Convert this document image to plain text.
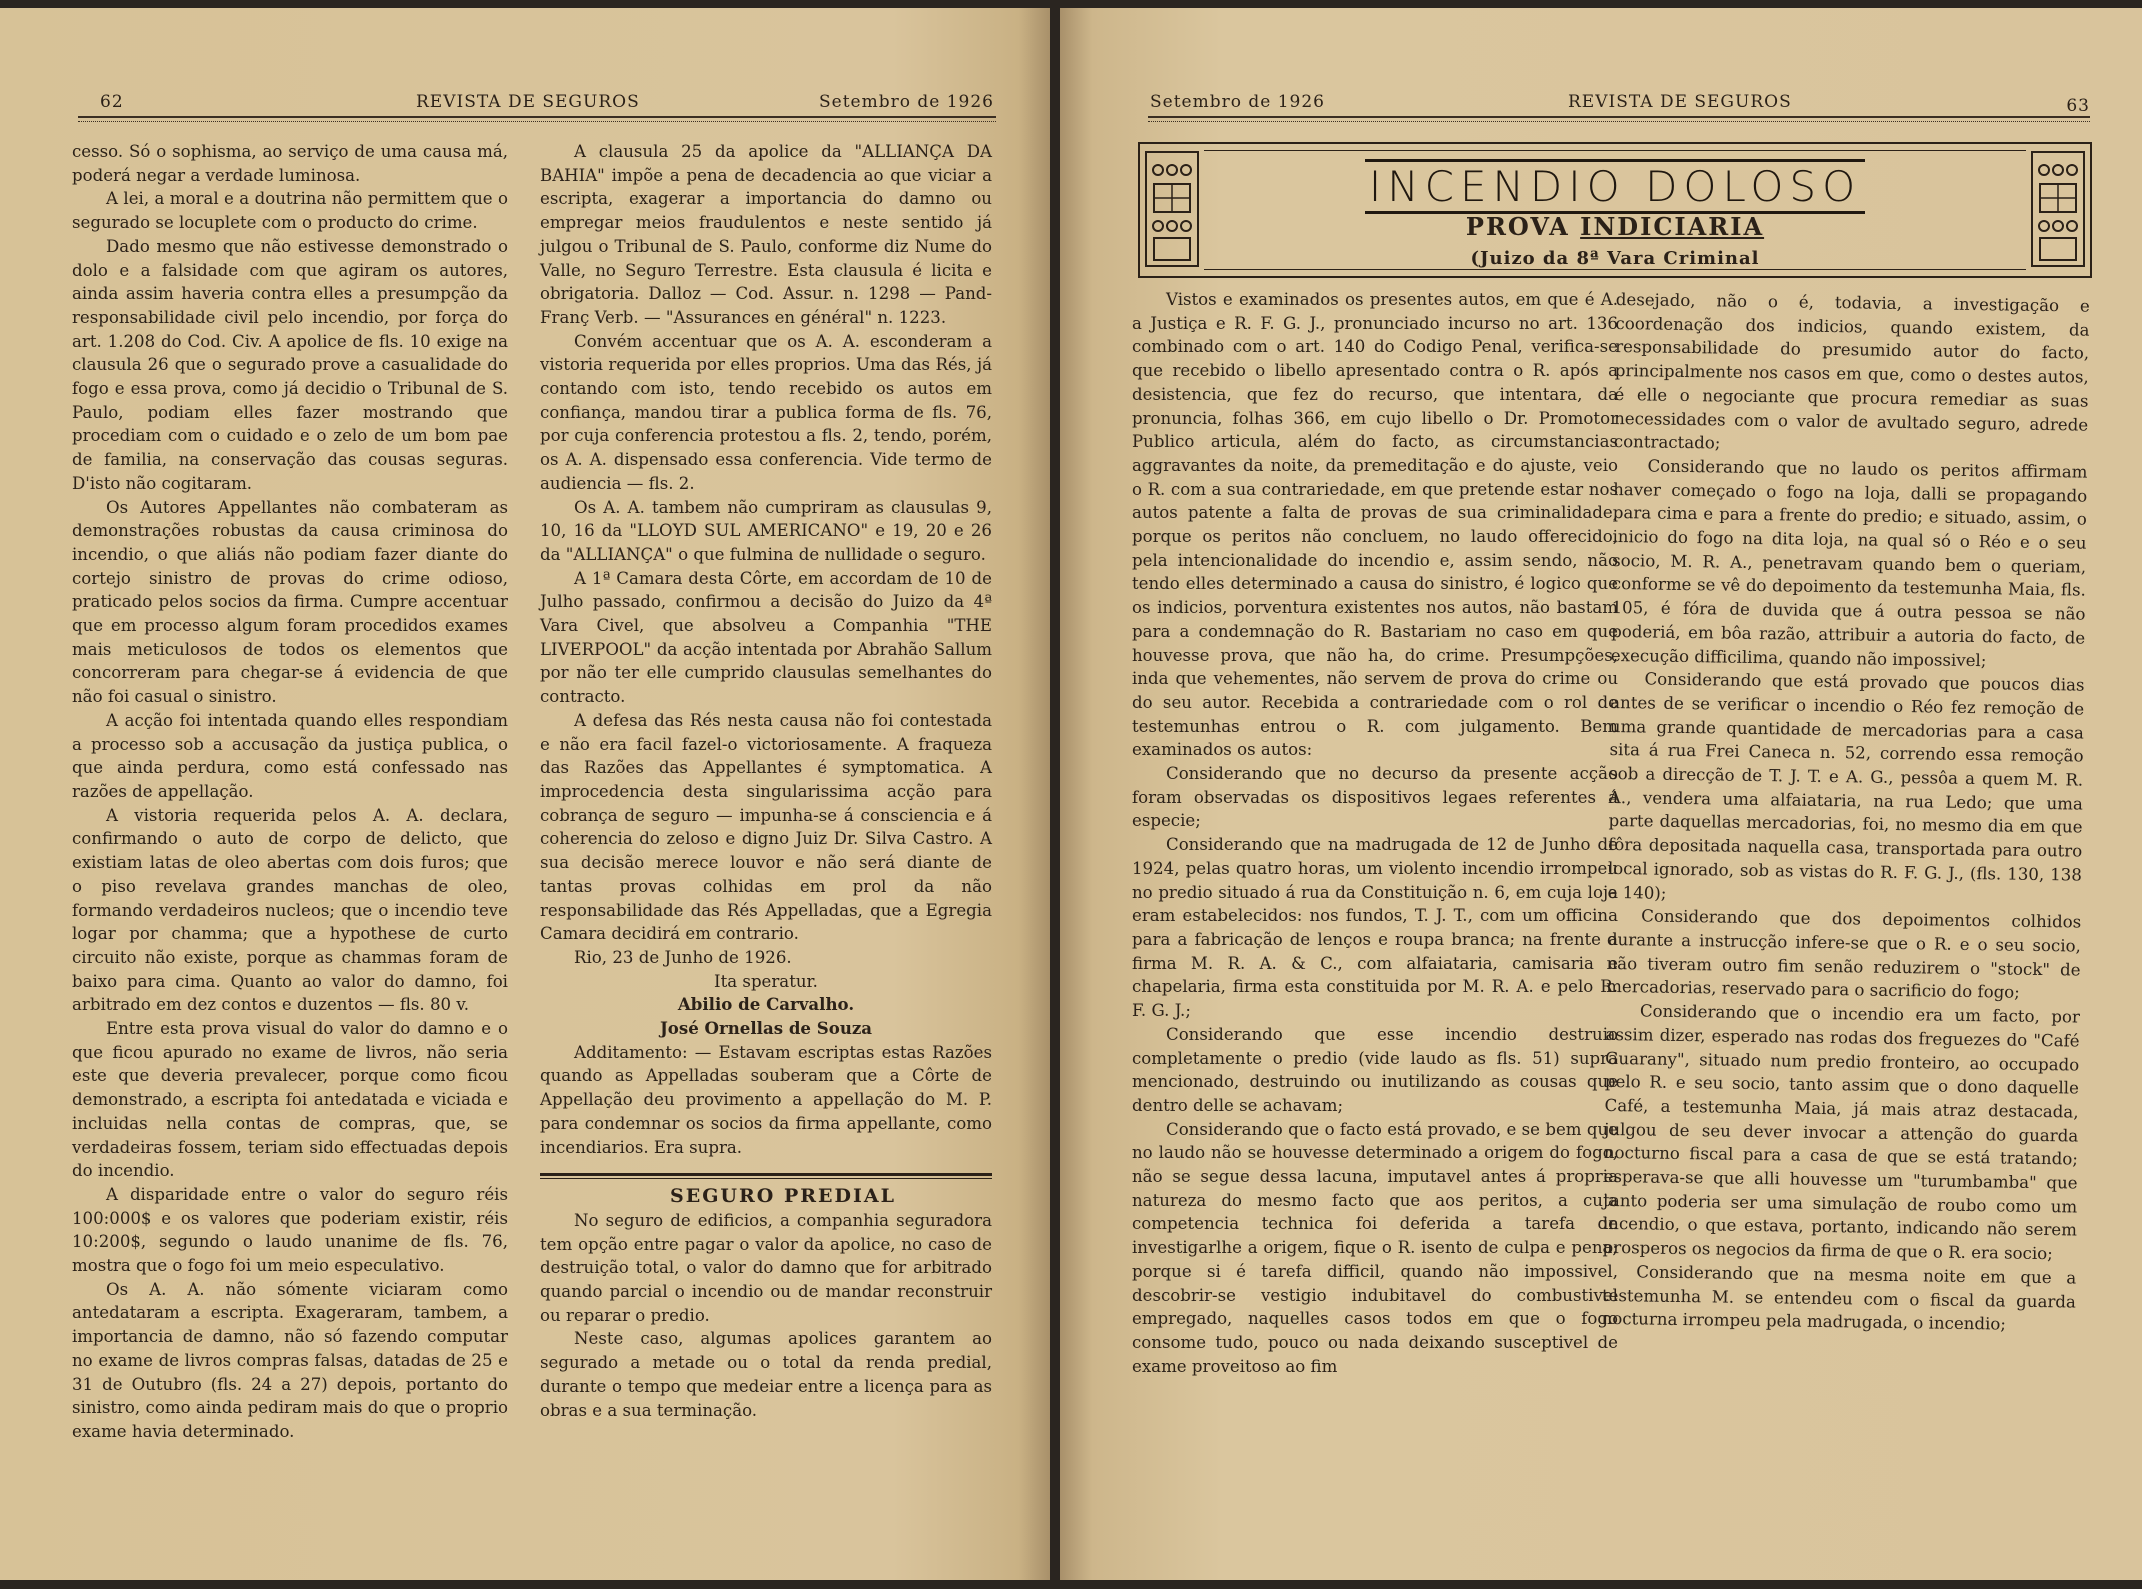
62	REVISTA DE SEGUROS	Setembro de 1926

cesso. Só o sophisma, ao serviço de uma causa má, poderá negar a verdade luminosa.

A lei, a moral e a doutrina não permittem que o segurado se locuplete com o producto do crime.

Dado mesmo que não estivesse demonstrado o dolo e a falsidade com que agiram os autores, ainda assim haveria contra elles a presumpção da responsabilidade civil pelo incendio, por força do art. 1.208 do Cod. Civ. A apolice de fls. 10 exige na clausula 26 que o segurado prove a casualidade do fogo e essa prova, como já decidio o Tribunal de S. Paulo, podiam elles fazer mostrando que procediam com o cuidado e o zelo de um bom pae de familia, na conservação das cousas seguras. D'isto não cogitaram.

Os Autores Appellantes não combateram as demonstrações robustas da causa criminosa do incendio, o que aliás não podiam fazer diante do cortejo sinistro de provas do crime odioso, praticado pelos socios da firma. Cumpre accentuar que em processo algum foram procedidos exames mais meticulosos de todos os elementos que concorreram para chegar-se á evidencia de que não foi casual o sinistro.

A acção foi intentada quando elles respondiam a processo sob a accusação da justiça publica, o que ainda perdura, como está confessado nas razões de appellação.

A vistoria requerida pelos A. A. declara, confirmando o auto de corpo de delicto, que existiam latas de oleo abertas com dois furos; que o piso revelava grandes manchas de oleo, formando verdadeiros nucleos; que o incendio teve logar por chamma; que a hypothese de curto circuito não existe, porque as chammas foram de baixo para cima. Quanto ao valor do damno, foi arbitrado em dez contos e duzentos — fls. 80 v.

Entre esta prova visual do valor do damno e o que ficou apurado no exame de livros, não seria este que deveria prevalecer, porque como ficou demonstrado, a escripta foi antedatada e viciada e incluidas nella contas de compras, que, se verdadeiras fossem, teriam sido effectuadas depois do incendio.

A disparidade entre o valor do seguro réis 100:000$ e os valores que poderiam existir, réis 10:200$, segundo o laudo unanime de fls. 76, mostra que o fogo foi um meio especulativo.

Os A. A. não sómente viciaram como antedataram a escripta. Exageraram, tambem, a importancia de damno, não só fazendo computar no exame de livros compras falsas, datadas de 25 e 31 de Outubro (fls. 24 a 27) depois, portanto do sinistro, como ainda pediram mais do que o proprio exame havia determinado.

A clausula 25 da apolice da "ALLIANÇA DA BAHIA" impõe a pena de decadencia ao que viciar a escripta, exagerar a importancia do damno ou empregar meios fraudulentos e neste sentido já julgou o Tribunal de S. Paulo, conforme diz Nume do Valle, no Seguro Terrestre. Esta clausula é licita e obrigatoria. Dalloz — Cod. Assur. n. 1298 — Pand-Franç Verb. — "Assurances en général" n. 1223.

Convém accentuar que os A. A. esconderam a vistoria requerida por elles proprios. Uma das Rés, já contando com isto, tendo recebido os autos em confiança, mandou tirar a publica forma de fls. 76, por cuja conferencia protestou a fls. 2, tendo, porém, os A. A. dispensado essa conferencia. Vide termo de audiencia — fls. 2.

Os A. A. tambem não cumpriram as clausulas 9, 10, 16 da "LLOYD SUL AMERICANO" e 19, 20 e 26 da "ALLIANÇA" o que fulmina de nullidade o seguro.

A 1ª Camara desta Côrte, em accordam de 10 de Julho passado, confirmou a decisão do Juizo da 4ª Vara Civel, que absolveu a Companhia "THE LIVERPOOL" da acção intentada por Abrahão Sallum por não ter elle cumprido clausulas semelhantes do contracto.

A defesa das Rés nesta causa não foi contestada e não era facil fazel-o victoriosamente. A fraqueza das Razões das Appellantes é symptomatica. A improcedencia desta singularissima acção para cobrança de seguro — impunha-se á consciencia e á coherencia do zeloso e digno Juiz Dr. Silva Castro. A sua decisão merece louvor e não será diante de tantas provas colhidas em prol da não responsabilidade das Rés Appelladas, que a Egregia Camara decidirá em contrario.

Rio, 23 de Junho de 1926.

Ita speratur.

Abilio de Carvalho.

José Ornellas de Souza

Additamento: — Estavam escriptas estas Razões quando as Appelladas souberam que a Côrte de Appellação deu provimento a appellação do M. P. para condemnar os socios da firma appellante, como incendiarios. Era supra.

SEGURO PREDIAL

No seguro de edificios, a companhia seguradora tem opção entre pagar o valor da apolice, no caso de destruição total, o valor do damno que for arbitrado quando parcial o incendio ou de mandar reconstruir ou reparar o predio.

Neste caso, algumas apolices garantem ao segurado a metade ou o total da renda predial, durante o tempo que medeiar entre a licença para as obras e a sua terminação.

Setembro de 1926	REVISTA DE SEGUROS	63
INCENDIO DOLOSO
PROVA INDICIARIA
(Juizo da 8ª Vara Criminal

Vistos e examinados os presentes autos, em que é A. a Justiça e R. F. G. J., pronunciado incurso no art. 136 combinado com o art. 140 do Codigo Penal, verifica-se que recebido o libello apresentado contra o R. após a desistencia, que fez do recurso, que intentara, da pronuncia, folhas 366, em cujo libello o Dr. Promotor Publico articula, além do facto, as circumstancias aggravantes da noite, da premeditação e do ajuste, veio o R. com a sua contrariedade, em que pretende estar nos autos patente a falta de provas de sua criminalidade, porque os peritos não concluem, no laudo offerecido, pela intencionalidade do incendio e, assim sendo, não tendo elles determinado a causa do sinistro, é logico que os indicios, porventura existentes nos autos, não bastam para a condemnação do R. Bastariam no caso em que houvesse prova, que não ha, do crime. Presumpções, inda que vehementes, não servem de prova do crime ou do seu autor. Recebida a contrariedade com o rol de testemunhas entrou o R. com julgamento. Bem examinados os autos:

Considerando que no decurso da presente acção foram observadas os dispositivos legaes referentes á especie;

Considerando que na madrugada de 12 de Junho de 1924, pelas quatro horas, um violento incendio irrompeu no predio situado á rua da Constituição n. 6, em cuja loja eram estabelecidos: nos fundos, T. J. T., com um officina para a fabricação de lenços e roupa branca; na frente a firma M. R. A. & C., com alfaiataria, camisaria e chapelaria, firma esta constituida por M. R. A. e pelo R. F. G. J.;

Considerando que esse incendio destruio completamente o predio (vide laudo as fls. 51) supra mencionado, destruindo ou inutilizando as cousas que dentro delle se achavam;

Considerando que o facto está provado, e se bem que no laudo não se houvesse determinado a origem do fogo, não se segue dessa lacuna, imputavel antes á propria natureza do mesmo facto que aos peritos, a cuja competencia technica foi deferida a tarefa de investigarlhe a origem, fique o R. isento de culpa e pena; porque si é tarefa difficil, quando não impossivel, descobrir-se vestigio indubitavel do combustivel empregado, naquelles casos todos em que o fogo consome tudo, pouco ou nada deixando susceptivel de exame proveitoso ao fim

desejado, não o é, todavia, a investigação e coordenação dos indicios, quando existem, da responsabilidade do presumido autor do facto, principalmente nos casos em que, como o destes autos, é elle o negociante que procura remediar as suas necessidades com o valor de avultado seguro, adrede contractado;

Considerando que no laudo os peritos affirmam haver começado o fogo na loja, dalli se propagando para cima e para a frente do predio; e situado, assim, o inicio do fogo na dita loja, na qual só o Réo e o seu socio, M. R. A., penetravam quando bem o queriam, conforme se vê do depoimento da testemunha Maia, fls. 105, é fóra de duvida que á outra pessoa se não poderiá, em bôa razão, attribuir a autoria do facto, de execução difficilima, quando não impossivel;

Considerando que está provado que poucos dias antes de se verificar o incendio o Réo fez remoção de uma grande quantidade de mercadorias para a casa sita á rua Frei Caneca n. 52, correndo essa remoção sob a direcção de T. J. T. e A. G., pessôa a quem M. R. A., vendera uma alfaiataria, na rua Ledo; que uma parte daquellas mercadorias, foi, no mesmo dia em que fôra depositada naquella casa, transportada para outro local ignorado, sob as vistas do R. F. G. J., (fls. 130, 138 e 140);

Considerando que dos depoimentos colhidos durante a instrucção infere-se que o R. e o seu socio, não tiveram outro fim senão reduzirem o "stock" de mercadorias, reservado para o sacrificio do fogo;

Considerando que o incendio era um facto, por assim dizer, esperado nas rodas dos freguezes do "Café Guarany", situado num predio fronteiro, ao occupado pelo R. e seu socio, tanto assim que o dono daquelle Café, a testemunha Maia, já mais atraz destacada, julgou de seu dever invocar a attenção do guarda nocturno fiscal para a casa de que se está tratando; esperava-se que alli houvesse um "turumbamba" que tanto poderia ser uma simulação de roubo como um incendio, o que estava, portanto, indicando não serem prosperos os negocios da firma de que o R. era socio;

Considerando que na mesma noite em que a testemunha M. se entendeu com o fiscal da guarda nocturna irrompeu pela madrugada, o incendio;
